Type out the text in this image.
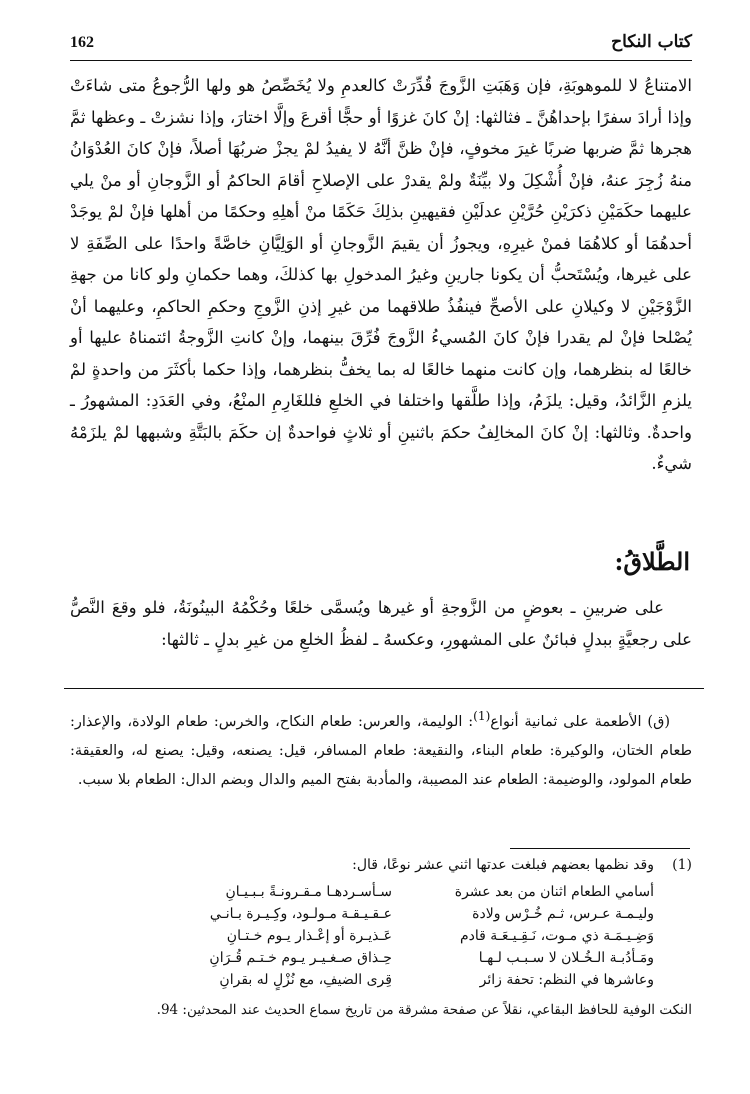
162	كتاب النكاح

الامتناعُ لا للموهوبَةِ، فإن وَهَبَتِ الزَّوجَ قُدِّرَتْ كالعدمِ ولا يُخَصِّصُ هو ولها الرُّجوعُ متى شاءَتْ وإذا أرادَ سفرًا بإحداهُنَّ ـ فثالثها: إنْ كانَ غزوًا أو حجًّا أقرعَ وإلَّا اختارَ، وإذا نشزتْ ـ وعظها ثمَّ هجرها ثمَّ ضربها ضربًا غيرَ مخوفٍ، فإنْ ظنَّ أنَّهُ لا يفيدُ لمْ يجزْ ضربُهَا أصلاً، فإنْ كانَ العُدْوَانُ منهُ زُجِرَ عنهُ، فإنْ أُشْكِلَ ولا بيِّنَةٌ ولمْ يقدرْ على الإصلاحِ أقامَ الحاكمُ أو الزَّوجانِ أو منْ يلي عليهما حكَمَيْنِ ذكرَيْنِ حُرَّيْنِ عدلَيْنِ فقيهينِ بذلِكَ حَكَمًا منْ أهلِهِ وحكمًا من أهلها فإنْ لمْ يوجَدْ أحدهُمَا أو كلاهُمَا فمنْ غيرِهِ، ويجوزُ أن يقيمَ الزَّوجانِ أو الوَلِيَّانِ خاصَّةً واحدًا على الصِّفَةِ لا على غيرها، ويُسْتَحبُّ أن يكونا جارينِ وغيرُ المدخولِ بها كذلكَ، وهما حكمانِ ولو كانا من جهةِ الزَّوْجَيْنِ لا وكيلانِ على الأصحِّ فينفُذُ طلاقهما من غيرِ إذنِ الزَّوجِ وحكمِ الحاكمِ، وعليهما أنْ يُصْلحا فإنْ لم يقدرا فإنْ كانَ المُسيءُ الزَّوجَ فُرِّقَ بينهما، وإنْ كانتِ الزَّوجةُ ائتمناهُ عليها أو خالعًا له بنظرهما، وإن كانت منهما خالعًا له بما يخفُّ بنظرهما، وإذا حكما بأكثَرَ من واحدةٍ لمْ يلزمِ الزَّائدُ، وقيل: يلزَمُ، وإذا طلَّقها واختلفا في الخلعِ فللغَارِمِ المنْعُ، وفي العَدَدِ: المشهورُ ـ واحدةٌ. وثالثها: إنْ كانَ المخالِفُ حكمَ باثنينِ أو ثلاثٍ فواحدةٌ إن حكَمَ بالبَتَّةِ وشبهها لمْ يلزَمْهُ شيءٌ.

الطَّلاقُ:

على ضربينِ ـ بعوضٍ من الزَّوجةِ أو غيرها ويُسمَّى خلعًا وحُكْمُهُ البينُونَةُ، فلو وقعَ النَّصُّ على رجعيَّةٍ ببدلٍ فبائنٌ على المشهورِ، وعكسهُ ـ لفظُ الخلعِ من غيرِ بدلٍ ـ ثالثها:

(ق) الأطعمة على ثمانية أنواع$^{(1)}$: الوليمة، والعرس: طعام النكاح، والخرس: طعام الولادة، والإعذار: طعام الختان، والوكيرة: طعام البناء، والنقيعة: طعام المسافر، قيل: يصنعه، وقيل: يصنع له، والعقيقة: طعام المولود، والوضيمة: الطعام عند المصيبة، والمأدبة بفتح الميم والدال وبضم الدال: الطعام بلا سبب.

(1)وقد نظمها بعضهم فبلغت عدتها اثني عشر نوعًا، قال:
أسامي الطعام اثنان من بعد عشرة
سـأسـردهـا مـقـرونـةً بـبـيـانِ
وليـمـة عـرس، ثـم خُـرْس ولادة
عـقـيـقـة مـولـود، وكِـيـرة بـانـي
وَضِـيـمَـة ذي مـوت، نَـقِـيـعَـة قادم
عَـذيـرة أو إعْـذار يـوم خـتـانِ
ومَـأدُبـة الـخُـلان لا سـبـب لـهـا
حِـذاق صـغـيـر يـوم خـتـم قُـرَانِ
وعاشرها في النظم: تحفة زائر
قِرى الضيفِ، مع نُزْلٍ له بقرانِ
النكت الوفية للحافظ البقاعي، نقلاً عن صفحة مشرقة من تاريخ سماع الحديث عند المحدثين: 94.
